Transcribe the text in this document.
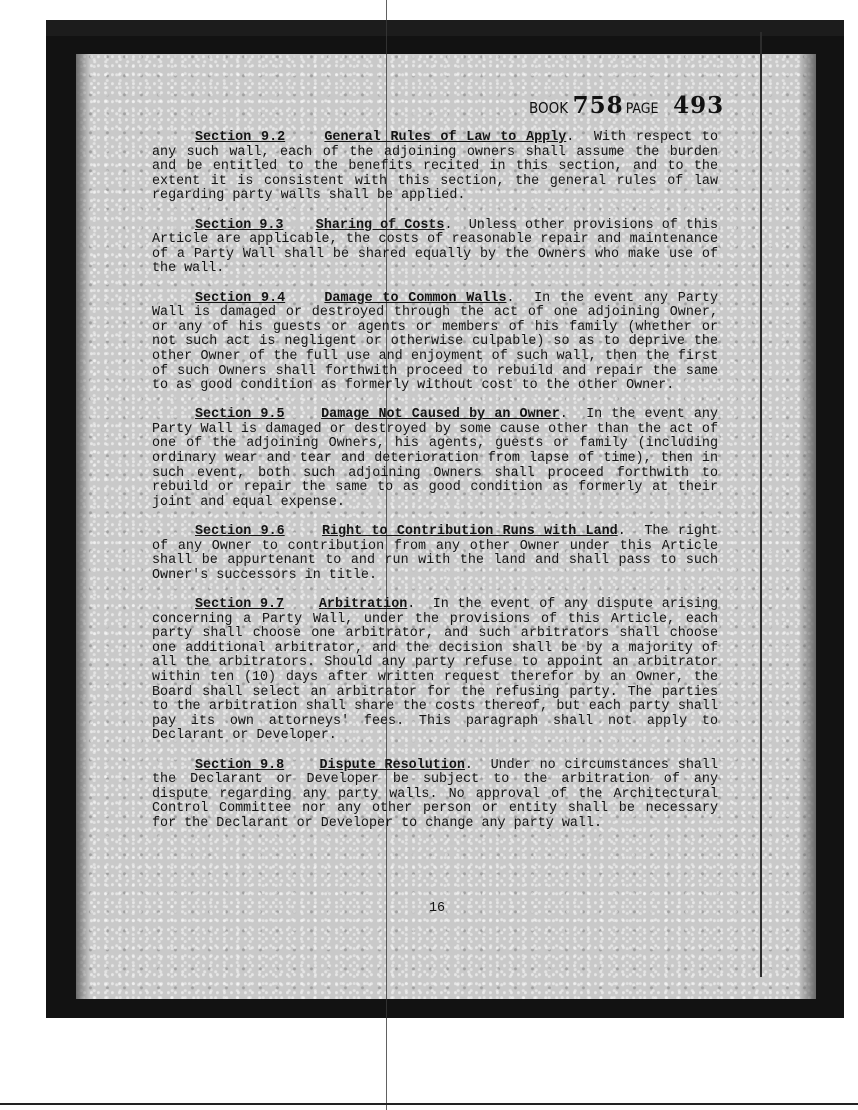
BOOK 758 PAGE 493

Section 9.2	General Rules of Law to Apply.  With respect to any such wall, each of the adjoining owners shall assume the burden and be entitled to the benefits recited in this section, and to the extent it is consistent with this section, the general rules of law regarding party walls shall be applied.

Section 9.3 Sharing of Costs.  Unless other provisions of this Article are applicable, the costs of reasonable repair and maintenance of a Party Wall shall be shared equally by the Owners who make use of the wall.

Section 9.4	Damage to Common Walls.  In the event any Party Wall is damaged or destroyed through the act of one adjoining Owner, or any of his guests or agents or members of his family (whether or not such act is negligent or otherwise culpable) so as to deprive the other Owner of the full use and enjoyment of such wall, then the first of such Owners shall forthwith proceed to rebuild and repair the same to as good condition as formerly without cost to the other Owner.

Section 9.5	Damage Not Caused by an Owner.  In the event any Party Wall is damaged or destroyed by some cause other than the act of one of the adjoining Owners, his agents, guests or family (including ordinary wear and tear and deterioration from lapse of time), then in such event, both such adjoining Owners shall proceed forthwith to rebuild or repair the same to as good condition as formerly at their joint and equal expense.

Section 9.6	Right to Contribution Runs with Land.  The right of any Owner to contribution from any other Owner under this Article shall be appurtenant to and run with the land and shall pass to such Owner's successors in title.

Section 9.7	Arbitration.  In the event of any dispute arising concerning a Party Wall, under the provisions of this Article, each party shall choose one arbitrator, and such arbitrators shall choose one additional arbitrator, and the decision shall be by a majority of all the arbitrators. Should any party refuse to appoint an arbitrator within ten (10) days after written request therefor by an Owner, the Board shall select an arbitrator for the refusing party. The parties to the arbitration shall share the costs thereof, but each party shall pay its own attorneys' fees. This paragraph shall not apply to Declarant or Developer.

Section 9.8	Dispute Resolution.  Under no circumstances shall the Declarant or Developer be subject to the arbitration of any dispute regarding any party walls. No approval of the Architectural Control Committee nor any other person or entity shall be necessary for the Declarant or Developer to change any party wall.

16
